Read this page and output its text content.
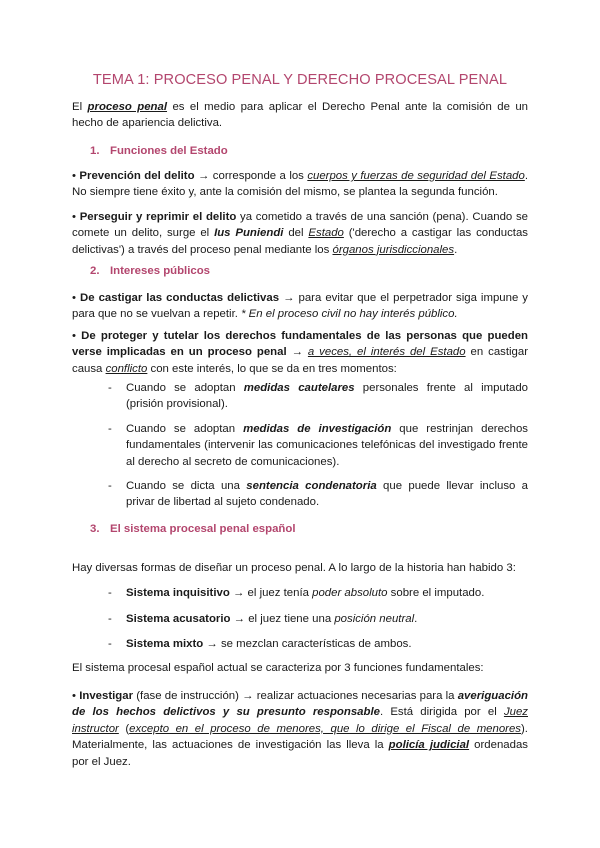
TEMA 1: PROCESO PENAL Y DERECHO PROCESAL PENAL

El proceso penal es el medio para aplicar el Derecho Penal ante la comisión de un hecho de apariencia delictiva.

1. Funciones del Estado

• Prevención del delito → corresponde a los cuerpos y fuerzas de seguridad del Estado. No siempre tiene éxito y, ante la comisión del mismo, se plantea la segunda función.

• Perseguir y reprimir el delito ya cometido a través de una sanción (pena). Cuando se comete un delito, surge el Ius Puniendi del Estado ('derecho a castigar las conductas delictivas') a través del proceso penal mediante los órganos jurisdiccionales.

2. Intereses públicos

• De castigar las conductas delictivas → para evitar que el perpetrador siga impune y para que no se vuelvan a repetir. * En el proceso civil no hay interés público.

• De proteger y tutelar los derechos fundamentales de las personas que pueden verse implicadas en un proceso penal → a veces, el interés del Estado en castigar causa conflicto con este interés, lo que se da en tres momentos:

- Cuando se adoptan medidas cautelares personales frente al imputado (prisión provisional).
- Cuando se adoptan medidas de investigación que restrinjan derechos fundamentales (intervenir las comunicaciones telefónicas del investigado frente al derecho al secreto de comunicaciones).
- Cuando se dicta una sentencia condenatoria que puede llevar incluso a privar de libertad al sujeto condenado.
3. El sistema procesal penal español

Hay diversas formas de diseñar un proceso penal. A lo largo de la historia han habido 3:

- Sistema inquisitivo → el juez tenía poder absoluto sobre el imputado.
- Sistema acusatorio → el juez tiene una posición neutral.
- Sistema mixto → se mezclan características de ambos.

El sistema procesal español actual se caracteriza por 3 funciones fundamentales:

• Investigar (fase de instrucción) → realizar actuaciones necesarias para la averiguación de los hechos delictivos y su presunto responsable. Está dirigida por el Juez instructor (excepto en el proceso de menores, que lo dirige el Fiscal de menores). Materialmente, las actuaciones de investigación las lleva la policía judicial ordenadas por el Juez.
